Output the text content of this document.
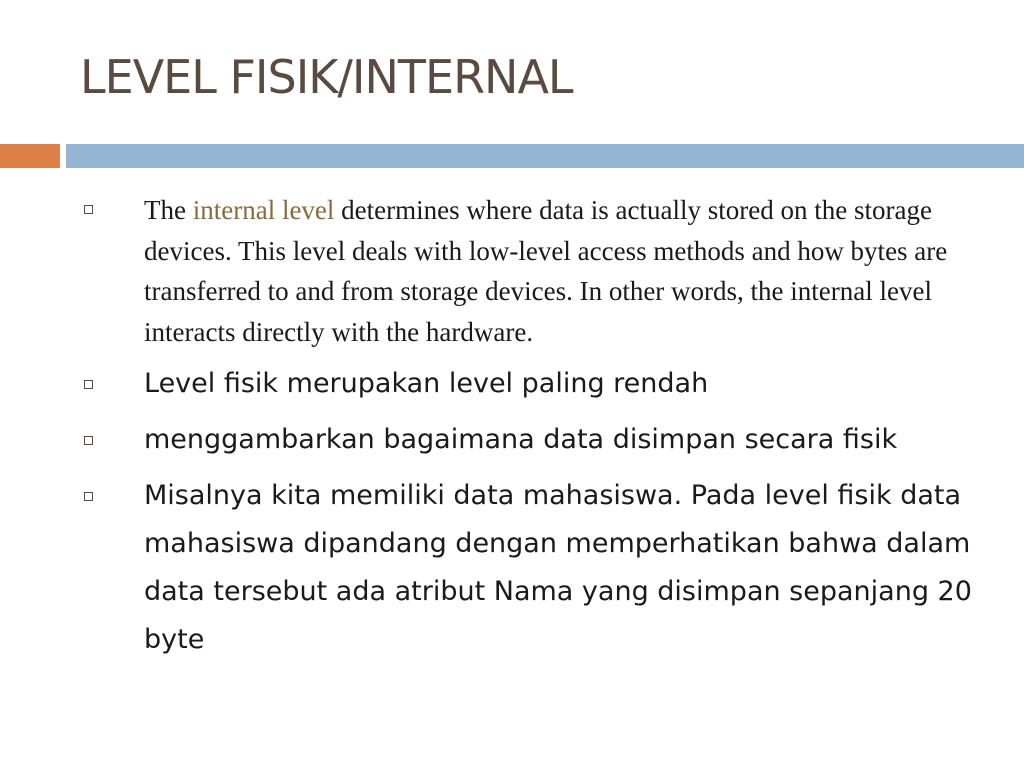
LEVEL FISIK/INTERNAL
The internal level determines where data is actually stored on the storage devices. This level deals with low-level access methods and how bytes are transferred to and from storage devices. In other words, the internal level interacts directly with the hardware.
Level fisik merupakan level paling rendah
menggambarkan bagaimana data disimpan secara fisik
Misalnya kita memiliki data mahasiswa. Pada level fisik data mahasiswa dipandang dengan memperhatikan bahwa dalam data tersebut ada atribut Nama yang disimpan sepanjang 20 byte
